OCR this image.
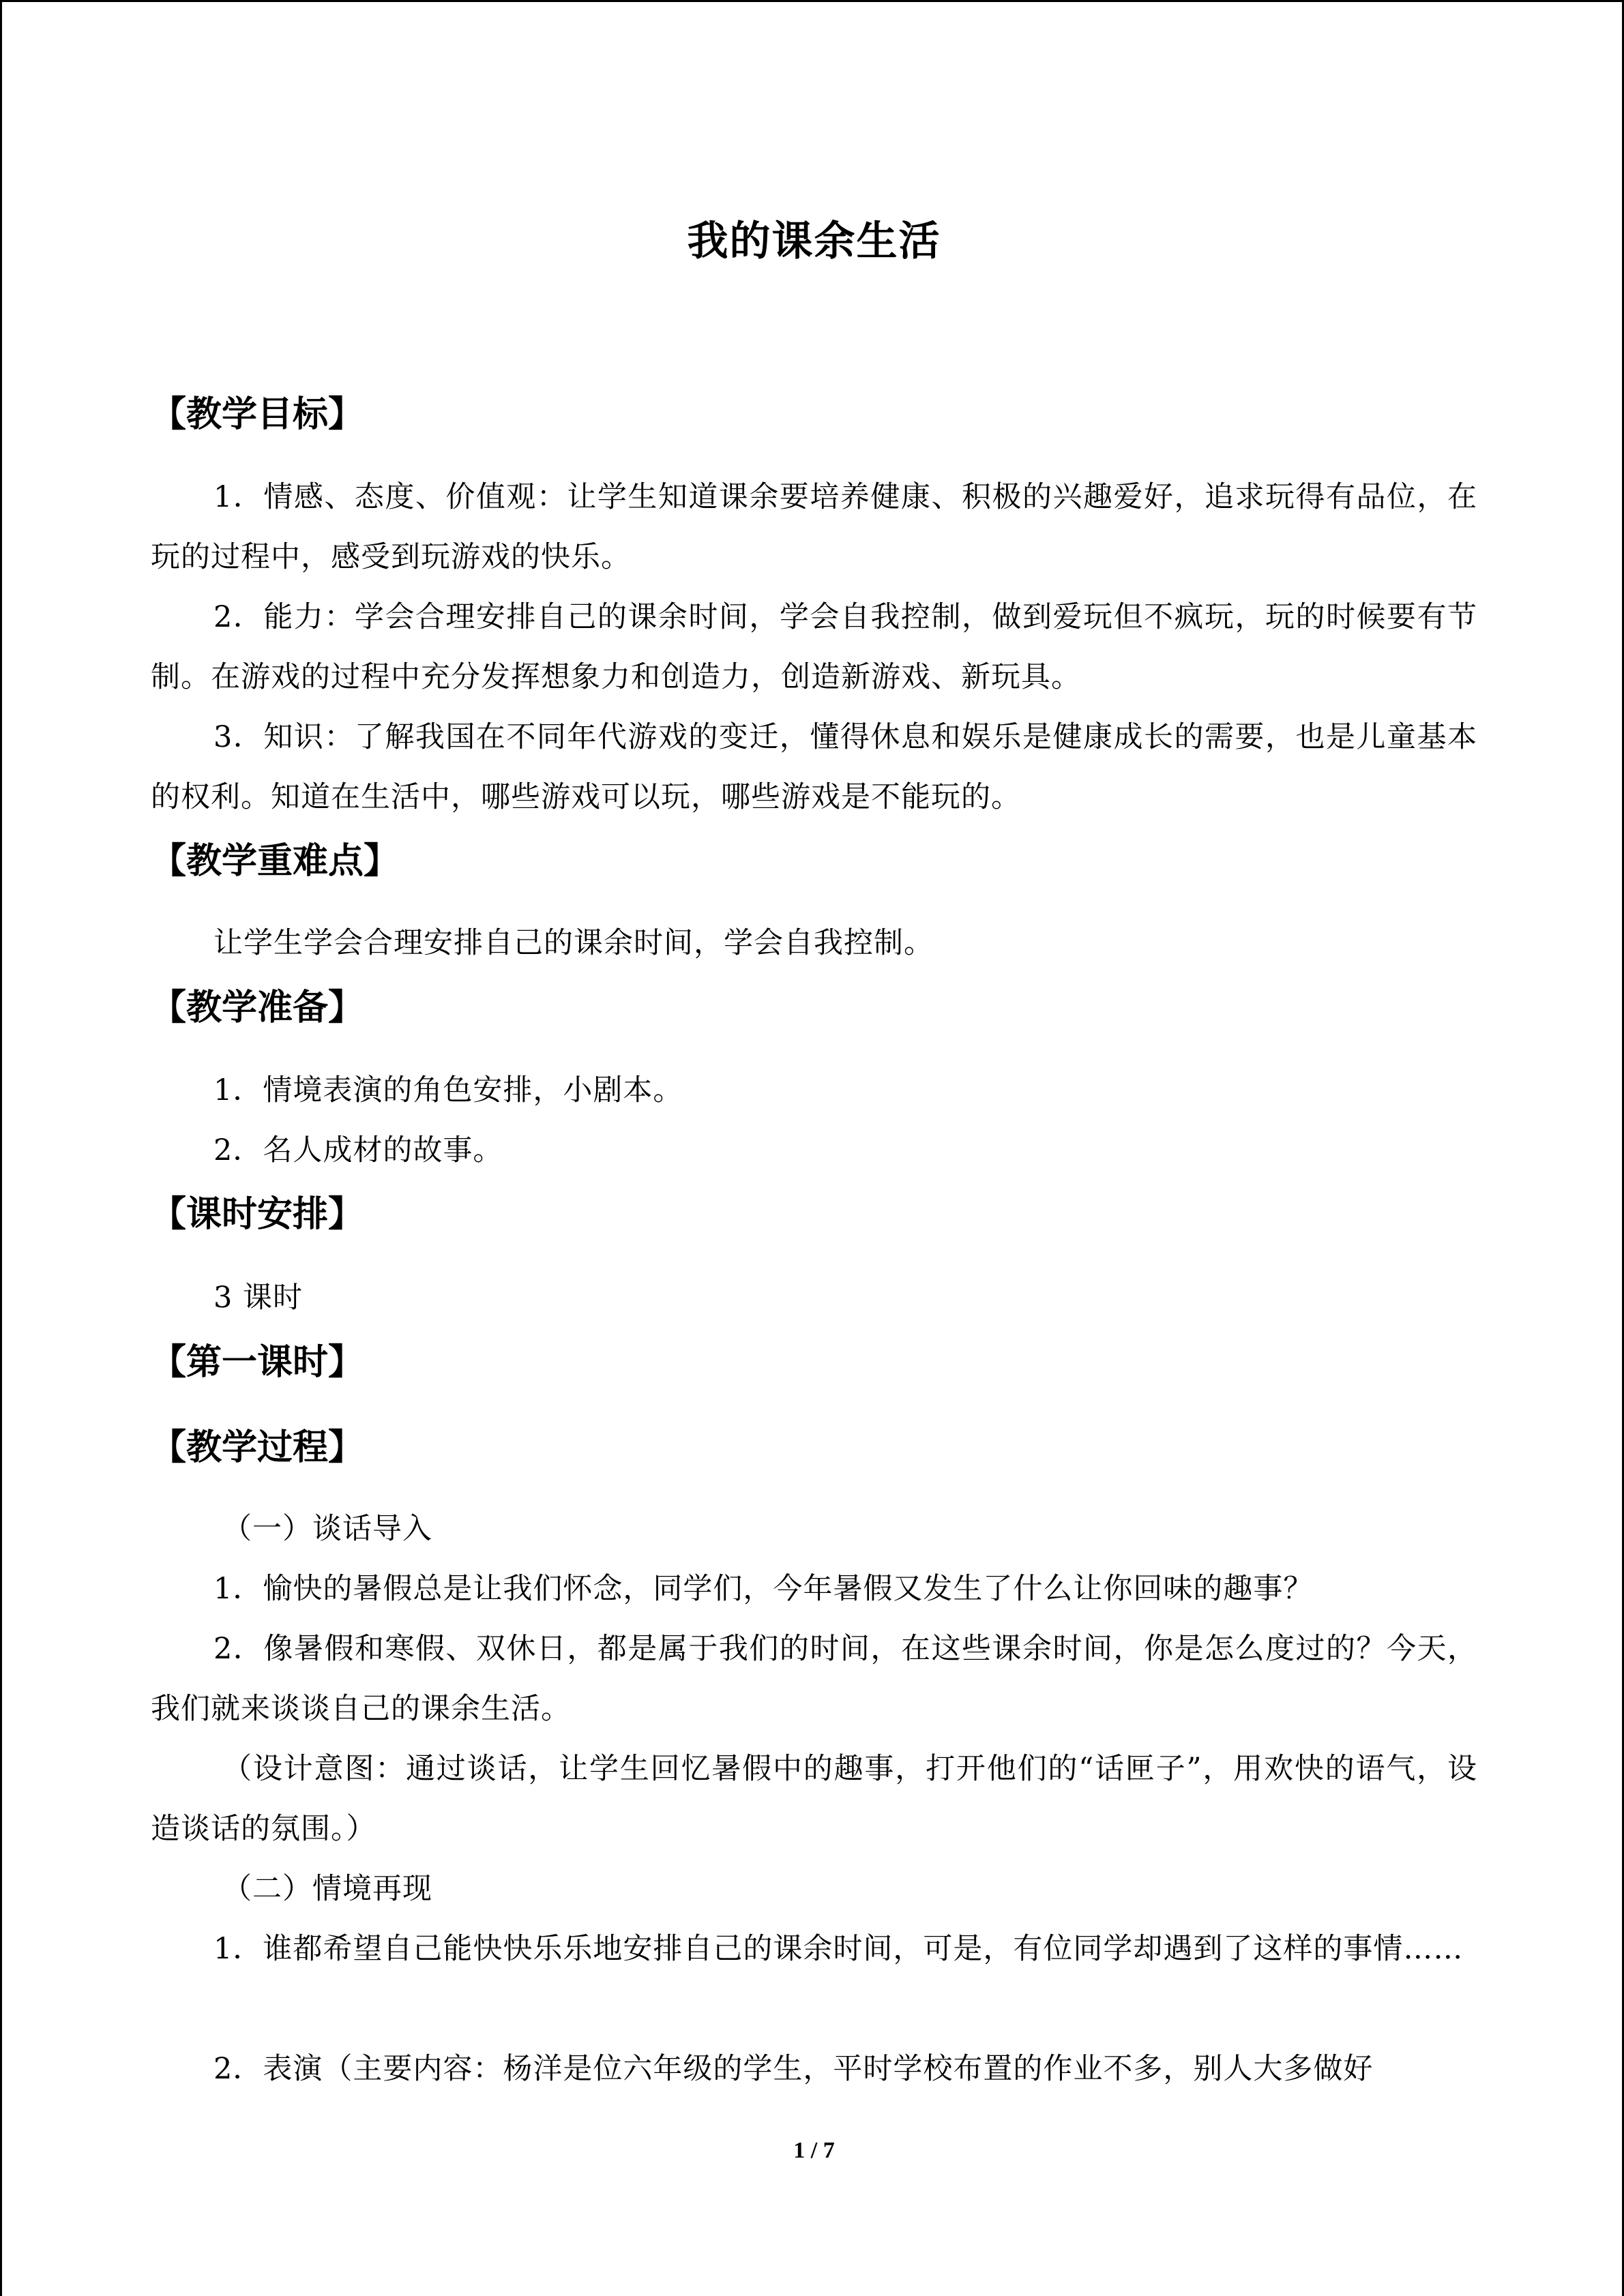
我的课余生活
【教学目标】
1．情感、态度、价值观：让学生知道课余要培养健康、积极的兴趣爱好，追求玩得有品位，在玩的过程中，感受到玩游戏的快乐。
2．能力：学会合理安排自己的课余时间，学会自我控制，做到爱玩但不疯玩，玩的时候要有节制。在游戏的过程中充分发挥想象力和创造力，创造新游戏、新玩具。
3．知识：了解我国在不同年代游戏的变迁，懂得休息和娱乐是健康成长的需要，也是儿童基本的权利。知道在生活中，哪些游戏可以玩，哪些游戏是不能玩的。
【教学重难点】
让学生学会合理安排自己的课余时间，学会自我控制。
【教学准备】
1．情境表演的角色安排，小剧本。
2．名人成材的故事。
【课时安排】
3 课时
【第一课时】
【教学过程】
（一）谈话导入
1．愉快的暑假总是让我们怀念，同学们，今年暑假又发生了什么让你回味的趣事？
2．像暑假和寒假、双休日，都是属于我们的时间，在这些课余时间，你是怎么度过的？今天，我们就来谈谈自己的课余生活。
（设计意图：通过谈话，让学生回忆暑假中的趣事，打开他们的“话匣子”，用欢快的语气，设造谈话的氛围。）
（二）情境再现
1．谁都希望自己能快快乐乐地安排自己的课余时间，可是，有位同学却遇到了这样的事情……
2．表演（主要内容：杨洋是位六年级的学生，平时学校布置的作业不多，别人大多做好
1 / 7
